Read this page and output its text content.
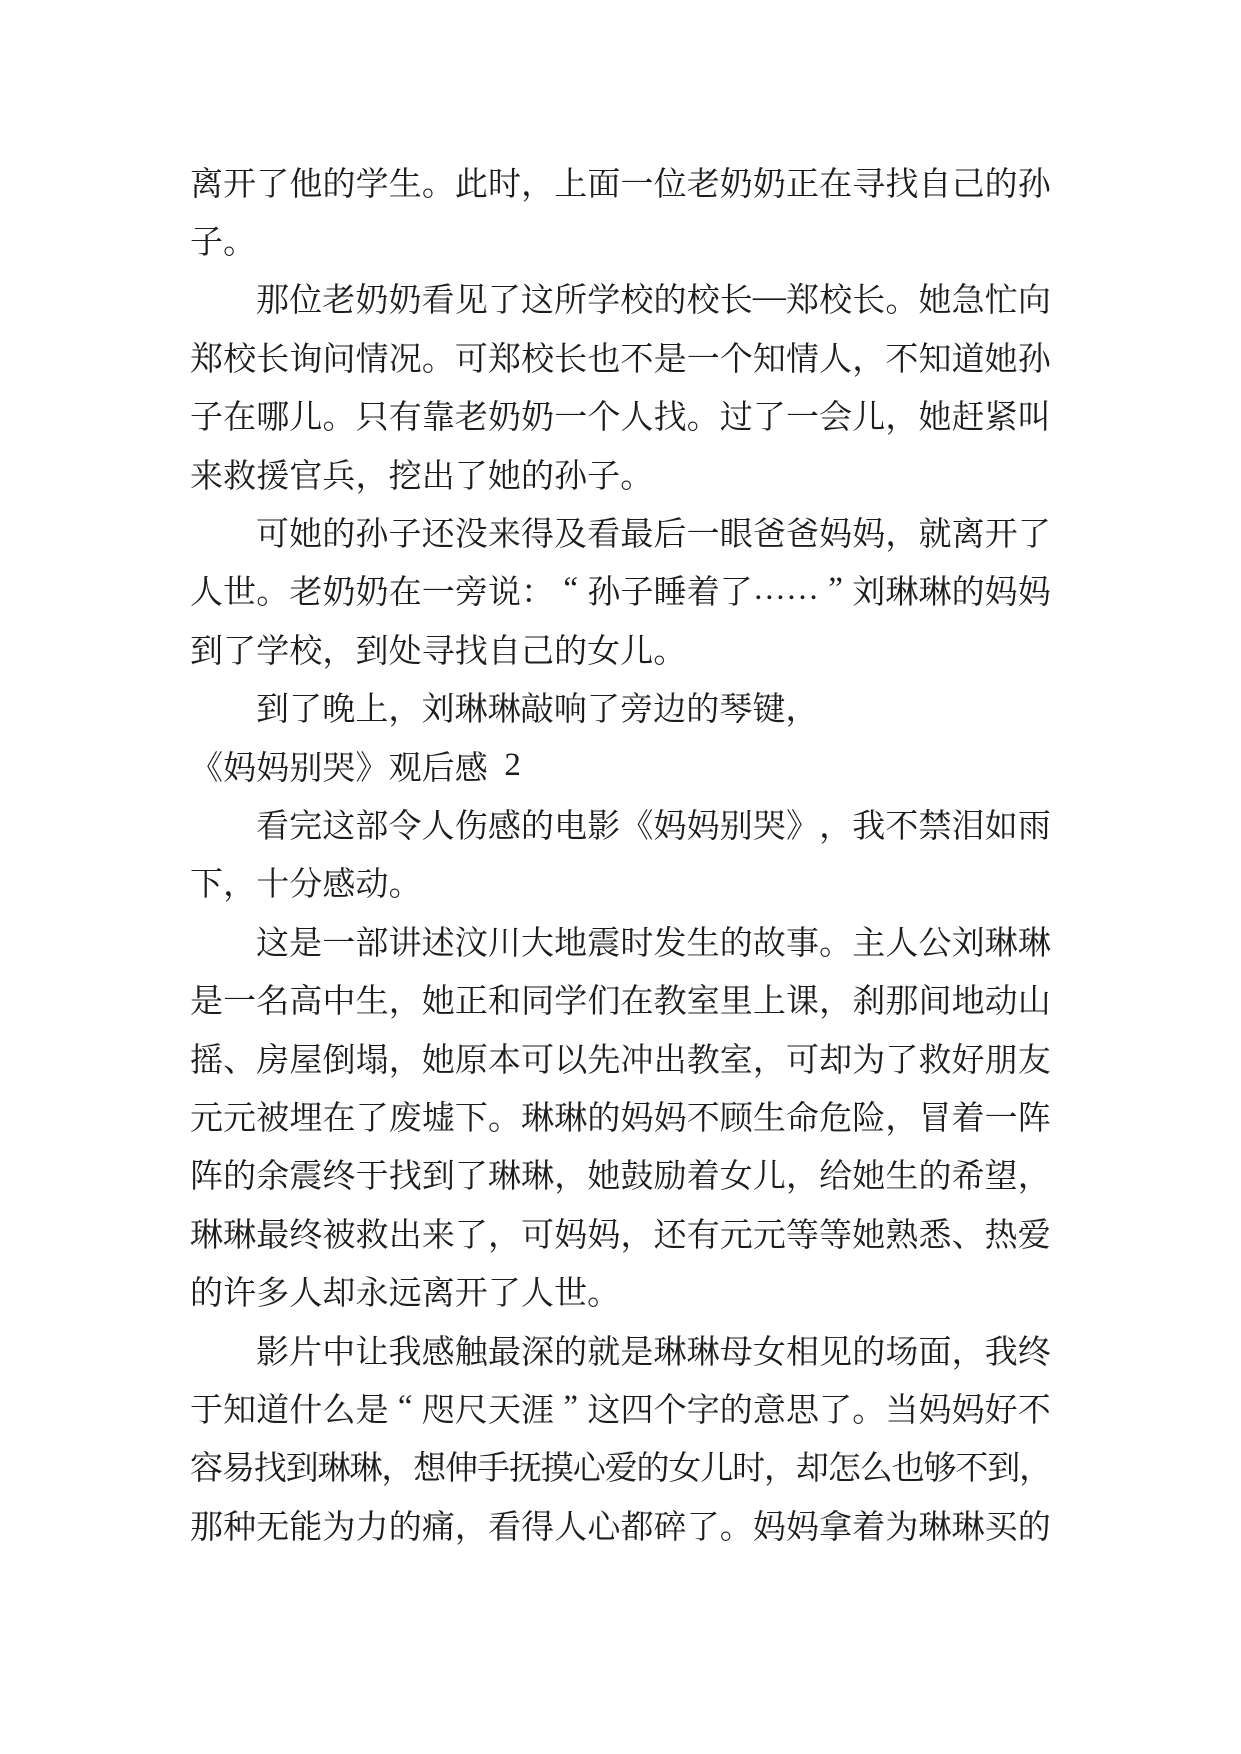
离 开 了 他 的 学 生 。 此 时 ， 上 面 一 位 老 奶 奶 正 在 寻 找 自 己 的 孙
子 。
那 位 老 奶 奶 看 见 了 这 所 学 校 的 校 长 — 郑 校 长 。 她 急 忙 向
郑 校 长 询 问 情 况 。 可 郑 校 长 也 不 是 一 个 知 情 人 ， 不 知 道 她 孙
子 在 哪 儿 。 只 有 靠 老 奶 奶 一 个 人 找 。 过 了 一 会 儿 ， 她 赶 紧 叫
来 救 援 官 兵 ， 挖 出 了 她 的 孙 子 。
可 她 的 孙 子 还 没 来 得 及 看 最 后 一 眼 爸 爸 妈 妈 ， 就 离 开 了
人 世 。 老 奶 奶 在 一 旁 说 ： “ 孙 子 睡 着 了 … … ” 刘 琳 琳 的 妈 妈
到 了 学 校 ， 到 处 寻 找 自 己 的 女 儿 。
到 了 晚 上 ， 刘 琳 琳 敲 响 了 旁 边 的 琴 键 ，
《 妈 妈 别 哭 》 观 后 感
2
看 完 这 部 令 人 伤 感 的 电 影 《 妈 妈 别 哭 》 ， 我 不 禁 泪 如 雨
下 ， 十 分 感 动 。
这 是 一 部 讲 述 汶 川 大 地 震 时 发 生 的 故 事 。 主 人 公 刘 琳 琳
是 一 名 高 中 生 ， 她 正 和 同 学 们 在 教 室 里 上 课 ， 刹 那 间 地 动 山
摇 、 房 屋 倒 塌 ， 她 原 本 可 以 先 冲 出 教 室 ， 可 却 为 了 救 好 朋 友
元 元 被 埋 在 了 废 墟 下 。 琳 琳 的 妈 妈 不 顾 生 命 危 险 ， 冒 着 一 阵
阵 的 余 震 终 于 找 到 了 琳 琳 ， 她 鼓 励 着 女 儿 ， 给 她 生 的 希 望 ，
琳 琳 最 终 被 救 出 来 了 ， 可 妈 妈 ， 还 有 元 元 等 等 她 熟 悉 、 热 爱
的 许 多 人 却 永 远 离 开 了 人 世 。
影 片 中 让 我 感 触 最 深 的 就 是 琳 琳 母 女 相 见 的 场 面 ， 我 终
于 知 道 什 么 是 “ 咫 尺 天 涯 ” 这 四 个 字 的 意 思 了 。 当 妈 妈 好 不
容
易
找
到
琳
琳
，
想
伸
手
抚
摸
心
爱
的
女
儿
时
，
却
怎
么
也
够
不
到
，
那 种 无 能 为 力 的 痛 ， 看 得 人 心 都 碎 了 。 妈 妈 拿 着 为 琳 琳 买 的
